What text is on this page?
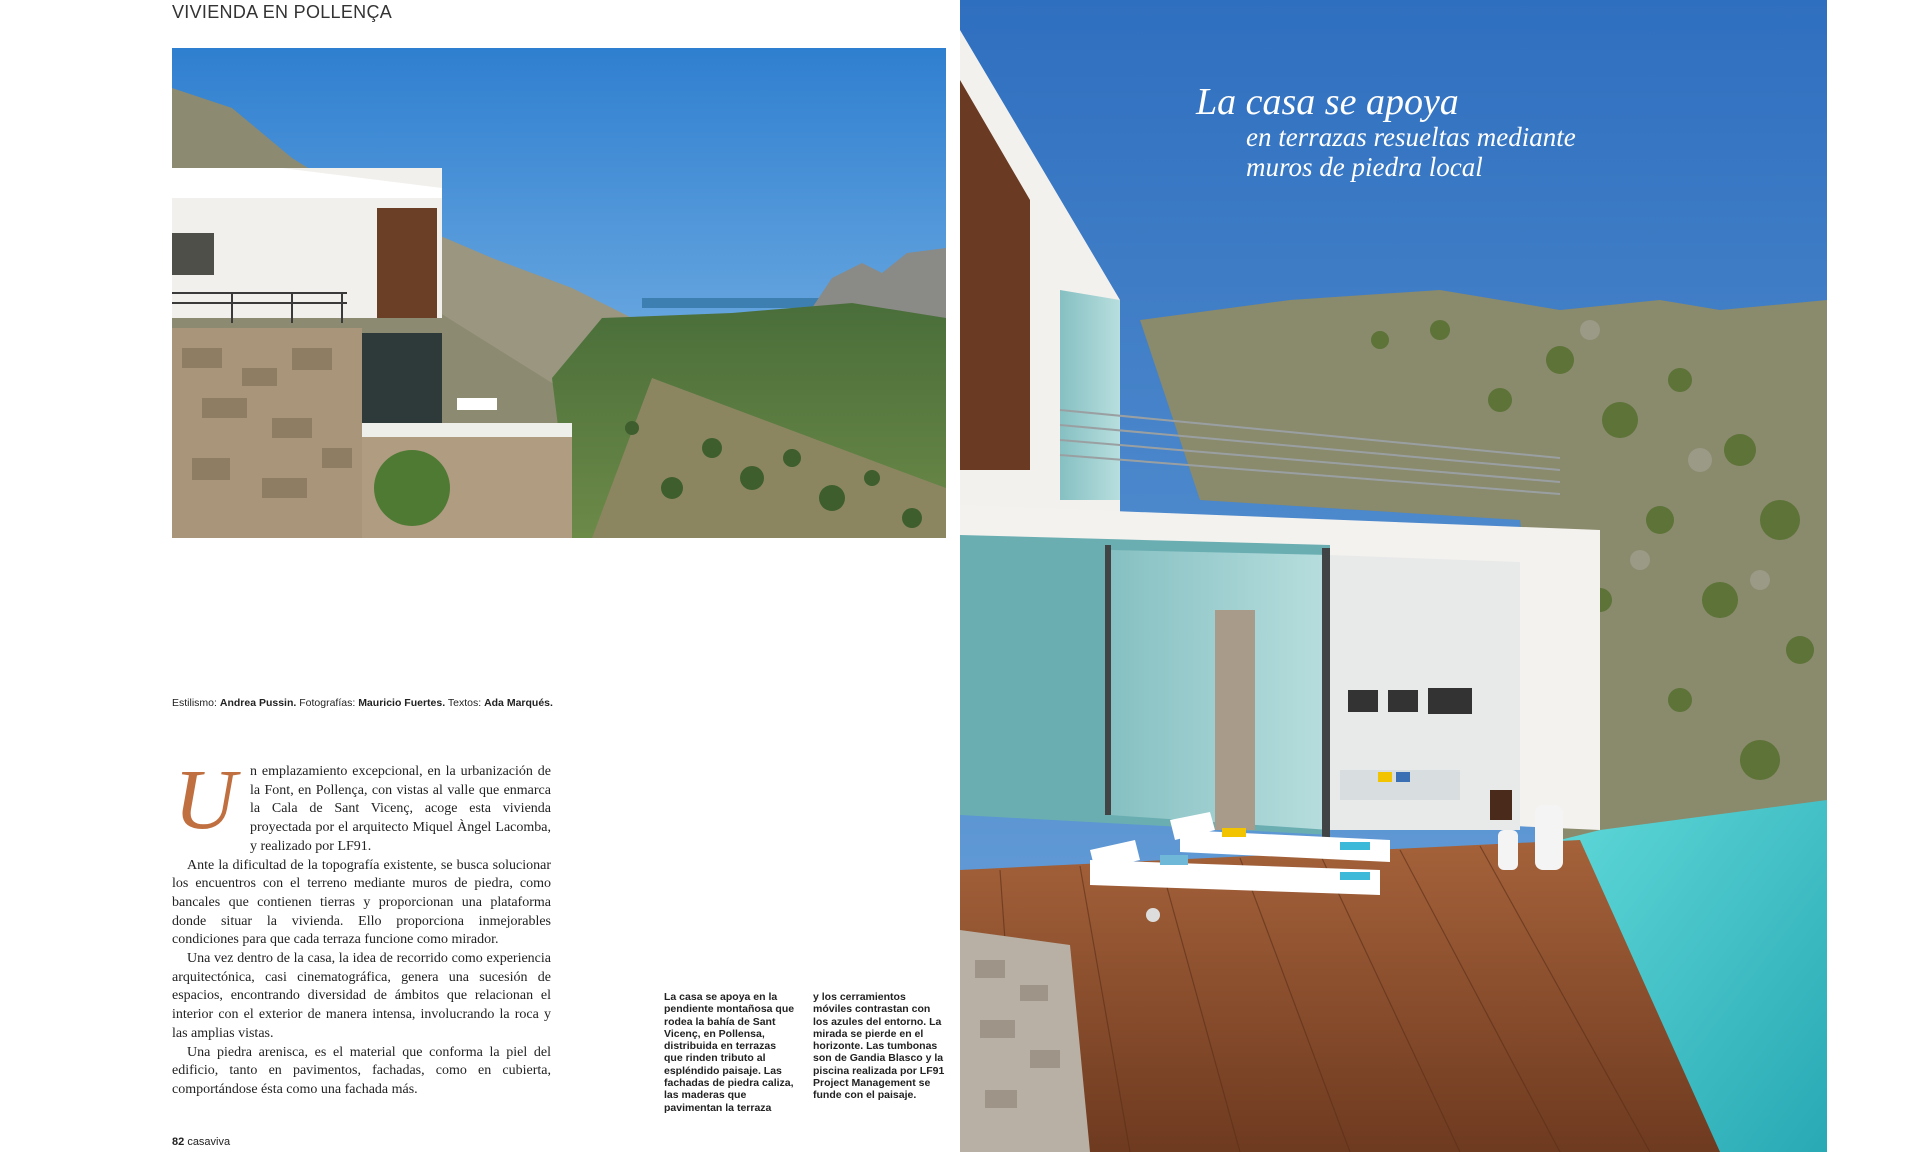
VIVIENDA EN POLLENÇA
Estilismo: Andrea Pussin. Fotografías: Mauricio Fuertes. Textos: Ada Marqués.

Un emplazamiento excepcional, en la urbanización de la Font, en Pollença, con vistas al valle que enmarca la Cala de Sant Vicenç, acoge esta vivienda proyectada por el arquitecto Miquel Àngel Lacomba, y realizado por LF91.

Ante la dificultad de la topografía existente, se busca solucionar los encuentros con el terreno mediante muros de piedra, como bancales que contienen tierras y proporcionan una plataforma donde situar la vivienda. Ello proporciona inmejorables condiciones para que cada terraza funcione como mirador.

Una vez dentro de la casa, la idea de recorrido como experiencia arquitectónica, casi cinematográfica, genera una sucesión de espacios, encontrando diversidad de ámbitos que relacionan el interior con el exterior de manera intensa, involucrando la roca y las amplias vistas.

Una piedra arenisca, es el material que conforma la piel del edificio, tanto en pavimentos, fachadas, como en cubierta, comportándose ésta como una fachada más.

La casa se apoya en la pendiente montañosa que rodea la bahía de Sant Vicenç, en Pollensa, distribuida en terrazas que rinden tributo al espléndido paisaje. Las fachadas de piedra caliza, las maderas que pavimentan la terraza
y los cerramientos móviles contrastan con los azules del entorno. La mirada se pierde en el horizonte. Las tumbonas son de Gandia Blasco y la piscina realizada por LF91 Project Management se funde con el paisaje.
82 casaviva
La casa se apoya
en terrazas resueltas mediante
muros de piedra local
